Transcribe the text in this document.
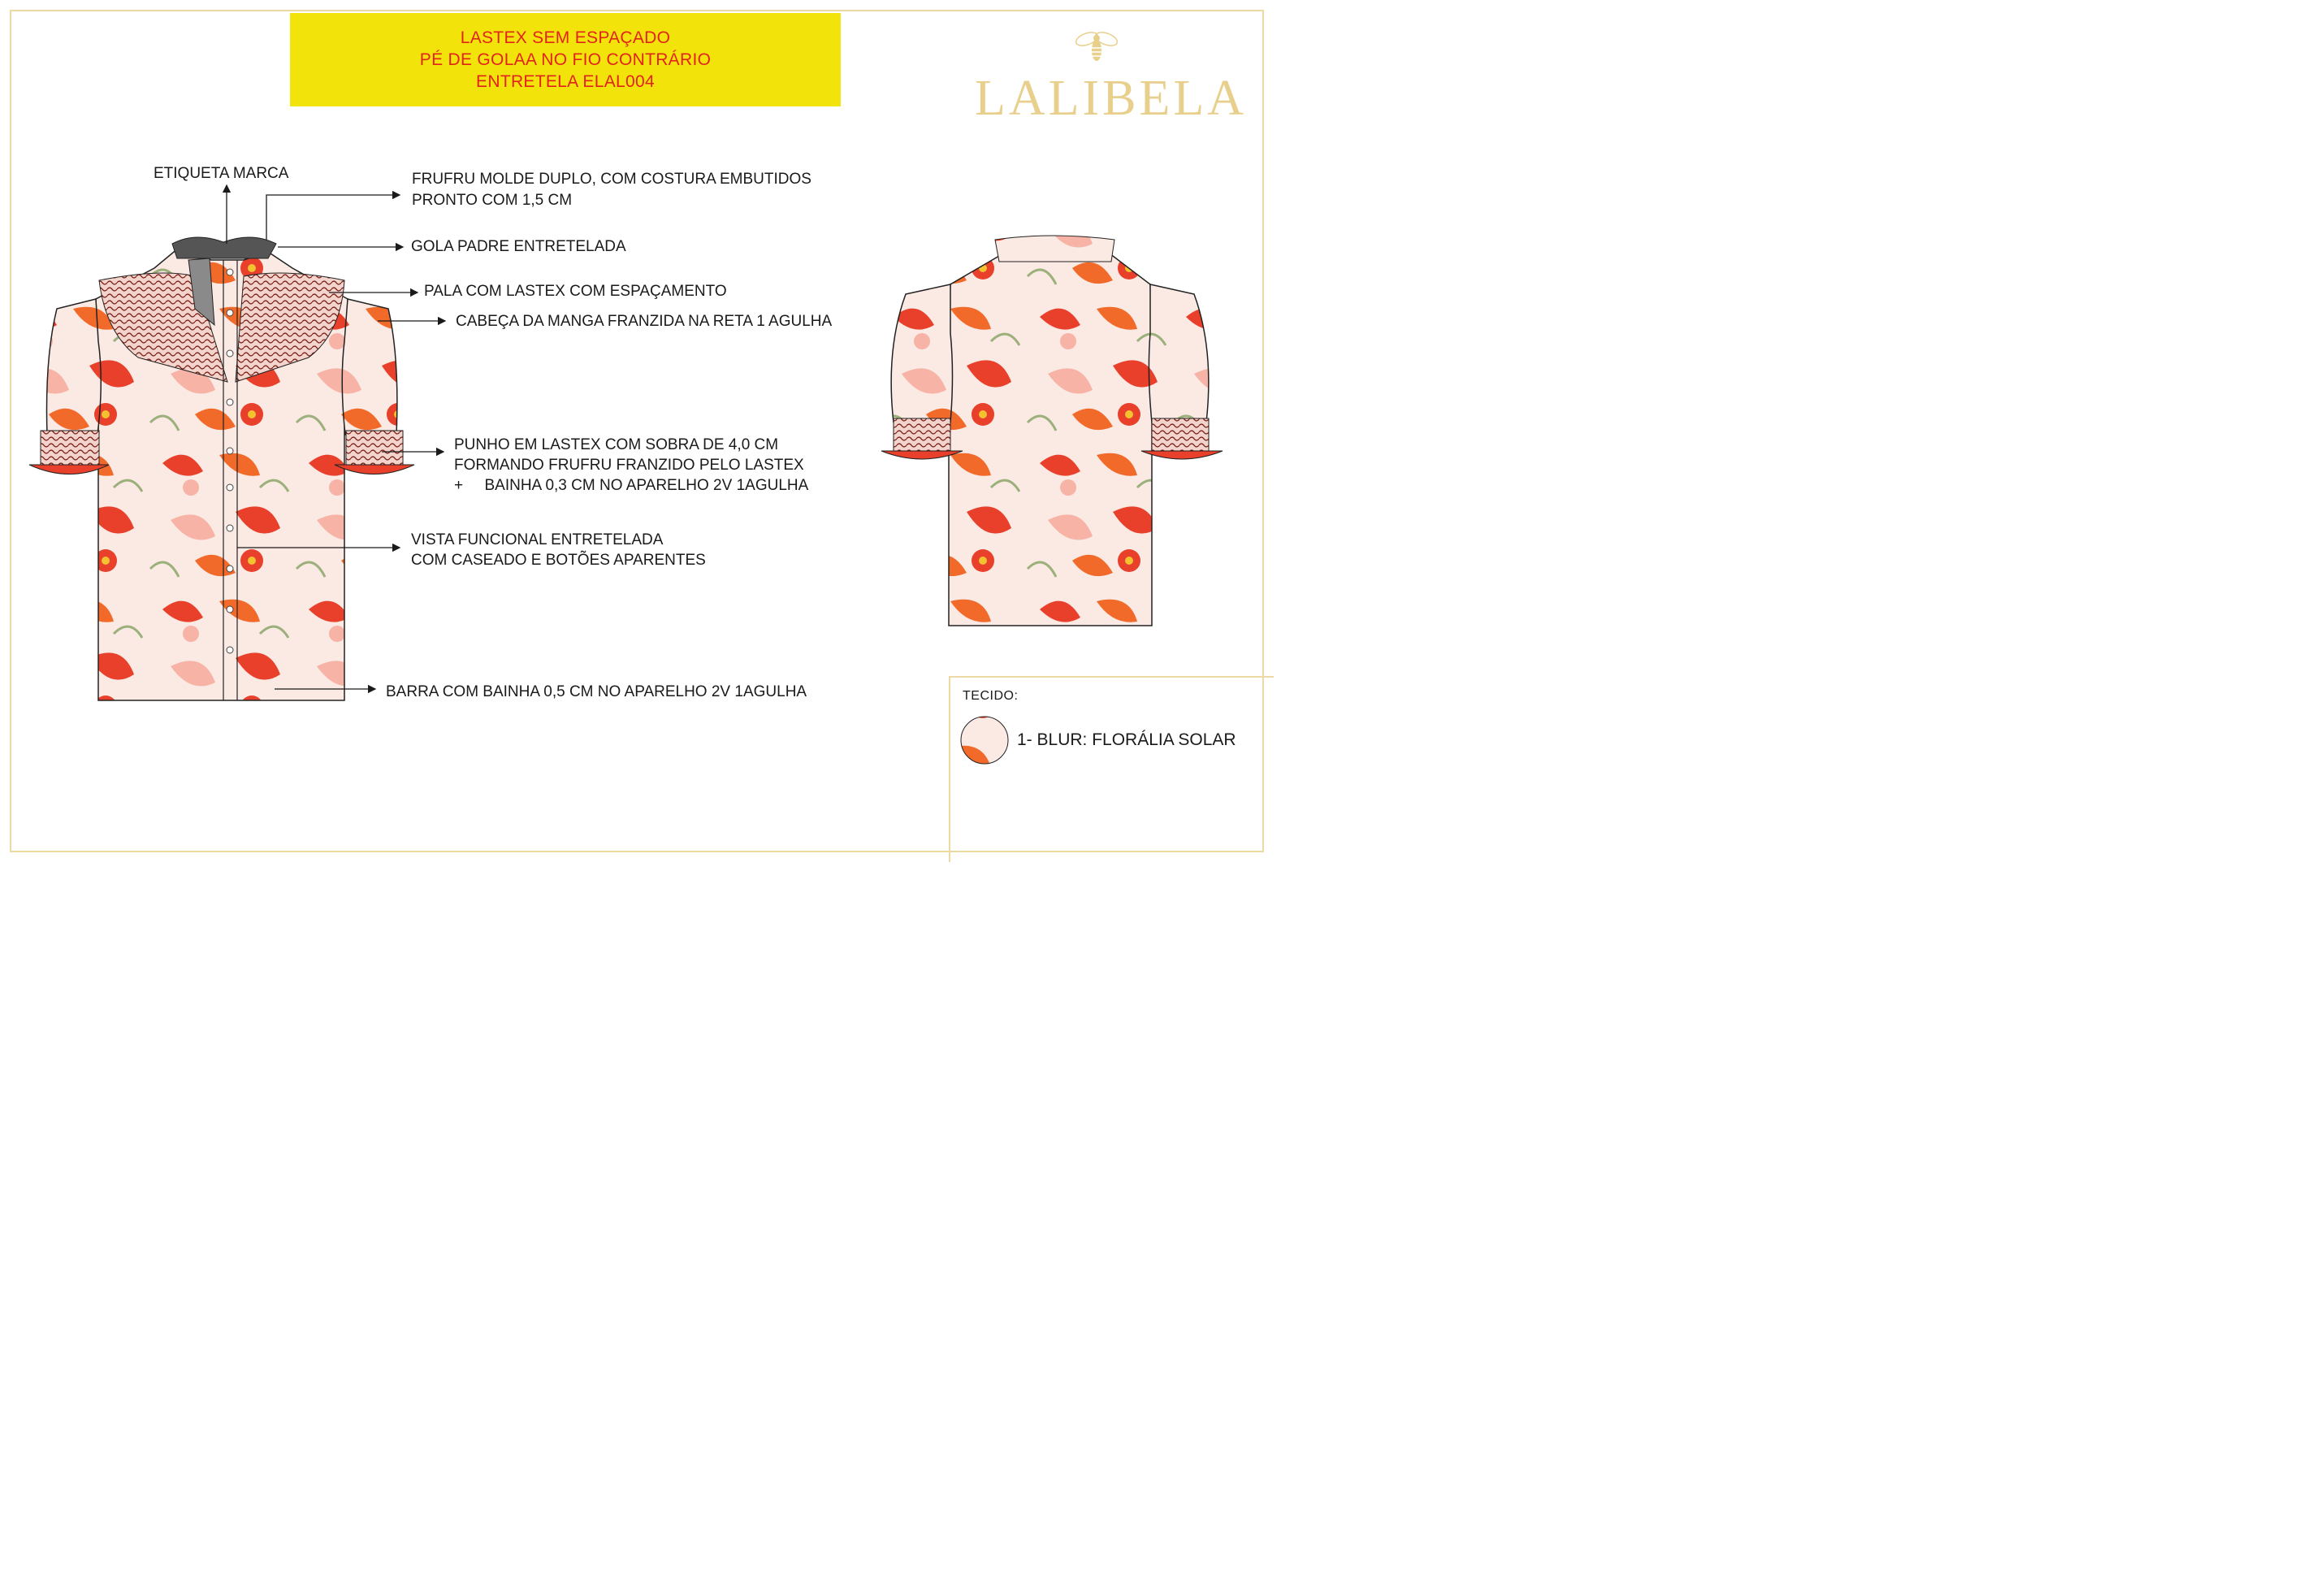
LASTEX SEM ESPAÇADO
PÉ DE GOLAA NO FIO CONTRÁRIO
ENTRETELA ELAL004	LALIBELA
ETIQUETA MARCA	FRUFRU MOLDE DUPLO, COM COSTURA EMBUTIDOS
PRONTO COM 1,5 CM
GOLA PADRE ENTRETELADA
PALA COM LASTEX COM ESPAÇAMENTO
CABEÇA DA MANGA FRANZIDA NA RETA 1 AGULHA
PUNHO EM LASTEX COM SOBRA DE 4,0 CM
FORMANDO FRUFRU FRANZIDO PELO LASTEX
+     BAINHA 0,3 CM NO APARELHO 2V 1AGULHA
VISTA FUNCIONAL ENTRETELADA
COM CASEADO E BOTÕES APARENTES
BARRA COM BAINHA 0,5 CM NO APARELHO 2V 1AGULHA	TECIDO:
1- BLUR: FLORÁLIA SOLAR
